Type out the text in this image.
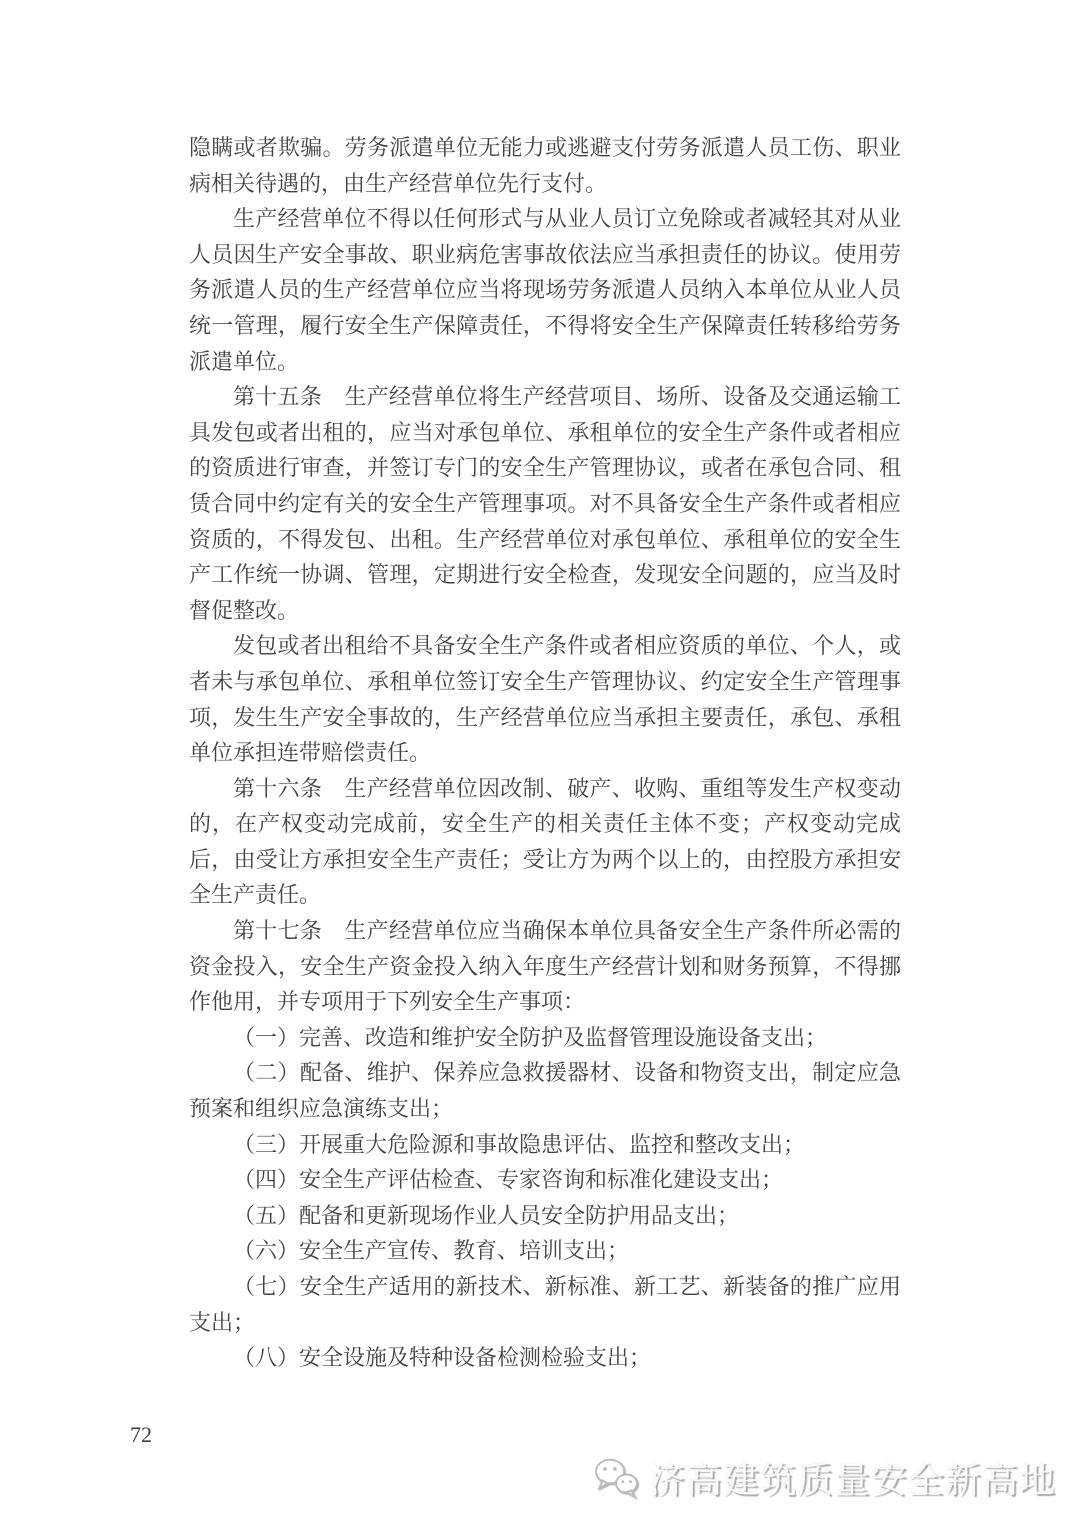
隐瞒或者欺骗。劳务派遣单位无能力或逃避支付劳务派遣人员工伤、职业病相关待遇的，由生产经营单位先行支付。

生产经营单位不得以任何形式与从业人员订立免除或者减轻其对从业人员因生产安全事故、职业病危害事故依法应当承担责任的协议。使用劳务派遣人员的生产经营单位应当将现场劳务派遣人员纳入本单位从业人员统一管理，履行安全生产保障责任，不得将安全生产保障责任转移给劳务派遣单位。

第十五条　生产经营单位将生产经营项目、场所、设备及交通运输工具发包或者出租的，应当对承包单位、承租单位的安全生产条件或者相应的资质进行审查，并签订专门的安全生产管理协议，或者在承包合同、租赁合同中约定有关的安全生产管理事项。对不具备安全生产条件或者相应资质的，不得发包、出租。生产经营单位对承包单位、承租单位的安全生产工作统一协调、管理，定期进行安全检查，发现安全问题的，应当及时督促整改。

发包或者出租给不具备安全生产条件或者相应资质的单位、个人，或者未与承包单位、承租单位签订安全生产管理协议、约定安全生产管理事项，发生生产安全事故的，生产经营单位应当承担主要责任，承包、承租单位承担连带赔偿责任。

第十六条　生产经营单位因改制、破产、收购、重组等发生产权变动的，在产权变动完成前，安全生产的相关责任主体不变；产权变动完成后，由受让方承担安全生产责任；受让方为两个以上的，由控股方承担安全生产责任。

第十七条　生产经营单位应当确保本单位具备安全生产条件所必需的资金投入，安全生产资金投入纳入年度生产经营计划和财务预算，不得挪作他用，并专项用于下列安全生产事项：

（一）完善、改造和维护安全防护及监督管理设施设备支出；

（二）配备、维护、保养应急救援器材、设备和物资支出，制定应急预案和组织应急演练支出；

（三）开展重大危险源和事故隐患评估、监控和整改支出；

（四）安全生产评估检查、专家咨询和标准化建设支出；

（五）配备和更新现场作业人员安全防护用品支出；

（六）安全生产宣传、教育、培训支出；

（七）安全生产适用的新技术、新标准、新工艺、新装备的推广应用支出；

（八）安全设施及特种设备检测检验支出；

72
济高建筑质量安全新高地
